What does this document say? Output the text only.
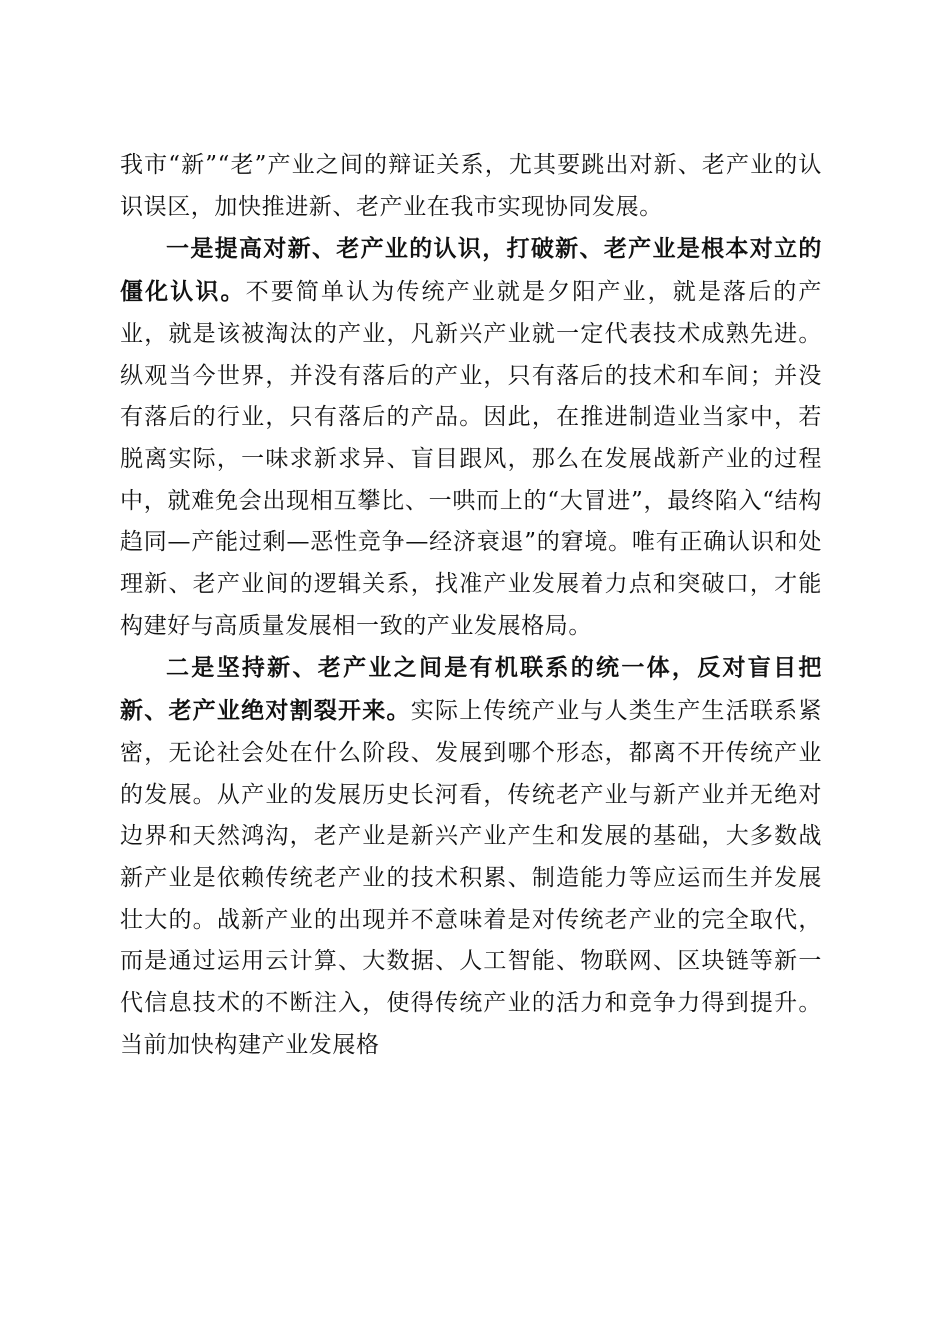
我市“新”“老”产业之间的辩证关系，尤其要跳出对新、老产业的认识误区，加快推进新、老产业在我市实现协同发展。

一是提高对新、老产业的认识，打破新、老产业是根本对立的僵化认识。不要简单认为传统产业就是夕阳产业，就是落后的产业，就是该被淘汰的产业，凡新兴产业就一定代表技术成熟先进。纵观当今世界，并没有落后的产业，只有落后的技术和车间；并没有落后的行业，只有落后的产品。因此，在推进制造业当家中，若脱离实际，一味求新求异、盲目跟风，那么在发展战新产业的过程中，就难免会出现相互攀比、一哄而上的“大冒进”，最终陷入“结构趋同—产能过剩—恶性竞争—经济衰退”的窘境。唯有正确认识和处理新、老产业间的逻辑关系，找准产业发展着力点和突破口，才能构建好与高质量发展相一致的产业发展格局。

二是坚持新、老产业之间是有机联系的统一体，反对盲目把新、老产业绝对割裂开来。实际上传统产业与人类生产生活联系紧密，无论社会处在什么阶段、发展到哪个形态，都离不开传统产业的发展。从产业的发展历史长河看，传统老产业与新产业并无绝对边界和天然鸿沟，老产业是新兴产业产生和发展的基础，大多数战新产业是依赖传统老产业的技术积累、制造能力等应运而生并发展壮大的。战新产业的出现并不意味着是对传统老产业的完全取代，而是通过运用云计算、大数据、人工智能、物联网、区块链等新一代信息技术的不断注入，使得传统产业的活力和竞争力得到提升。当前加快构建产业发展格
